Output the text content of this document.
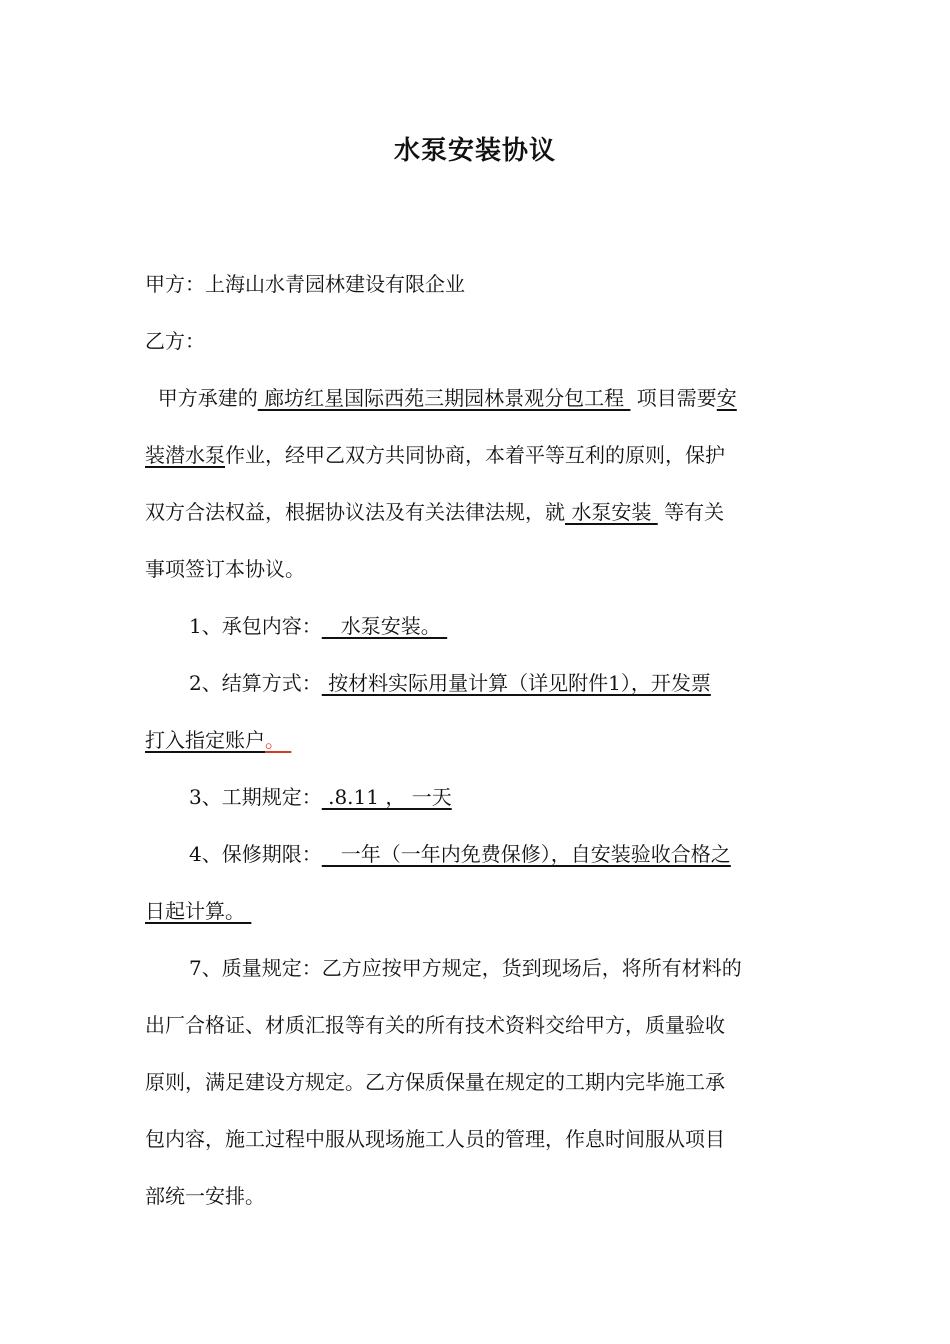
水泵安装协议
甲方：上海山水青园林建设有限企业
乙方：
甲方承建的 廊坊红星国际西苑三期园林景观分包工程  项目需要安
装潜水泵作业，经甲乙双方共同协商，本着平等互利的原则，保护
双方合法权益，根据协议法及有关法律法规，就 水泵安装  等有关
事项签订本协议。
1、承包内容：   水泵安装。
2、结算方式： 按材料实际用量计算（详见附件1），开发票
打入指定账户。
3、工期规定： .8.11 ， 一天
4、保修期限：   一年（一年内免费保修），自安装验收合格之
日起计算。
7、质量规定：乙方应按甲方规定，货到现场后，将所有材料的
出厂合格证、材质汇报等有关的所有技术资料交给甲方，质量验收
原则，满足建设方规定。乙方保质保量在规定的工期内完毕施工承
包内容，施工过程中服从现场施工人员的管理，作息时间服从项目
部统一安排。
